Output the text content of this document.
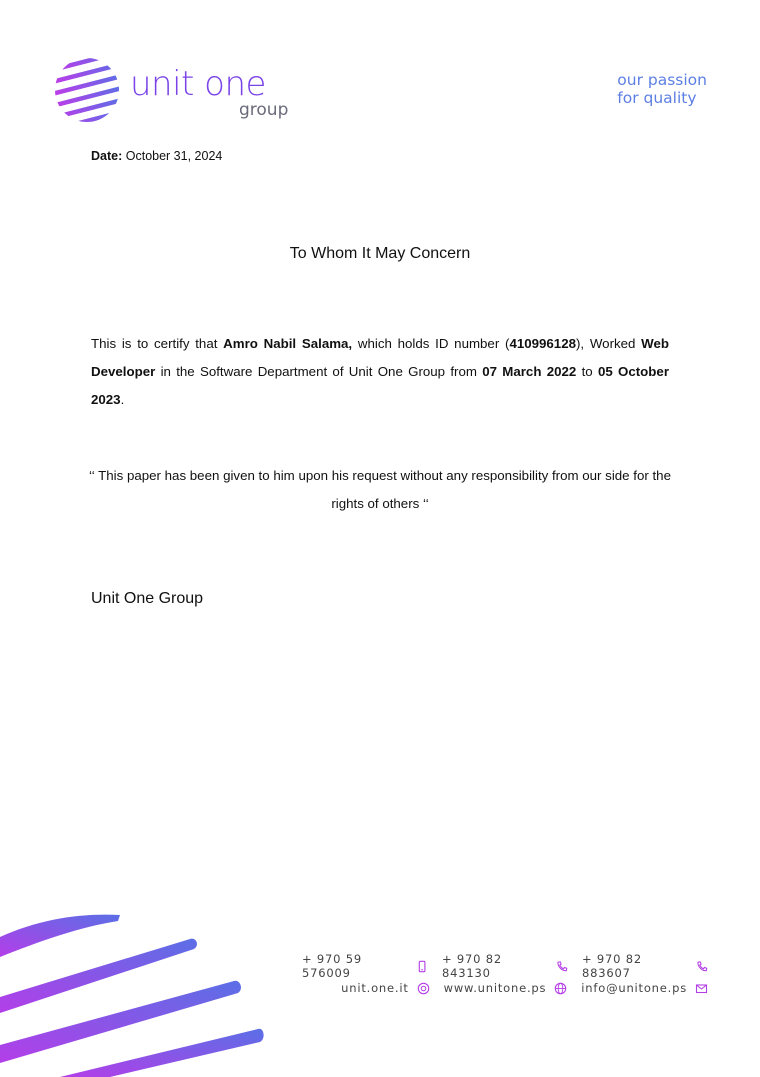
unit one
group
our passion
for quality
Date: October 31, 2024
To Whom It May Concern
This is to certify that Amro Nabil Salama, which holds ID number (410996128), Worked Web Developer in the Software Department of Unit One Group from 07 March 2022 to 05 October 2023.
‘‘ This paper has been given to him upon his request without any responsibility from our side for the rights of others ‘‘
Unit One Group
+ 970 59 576009
+ 970 82 843130
+ 970 82 883607
unit.one.it	www.unitone.ps	info@unitone.ps
